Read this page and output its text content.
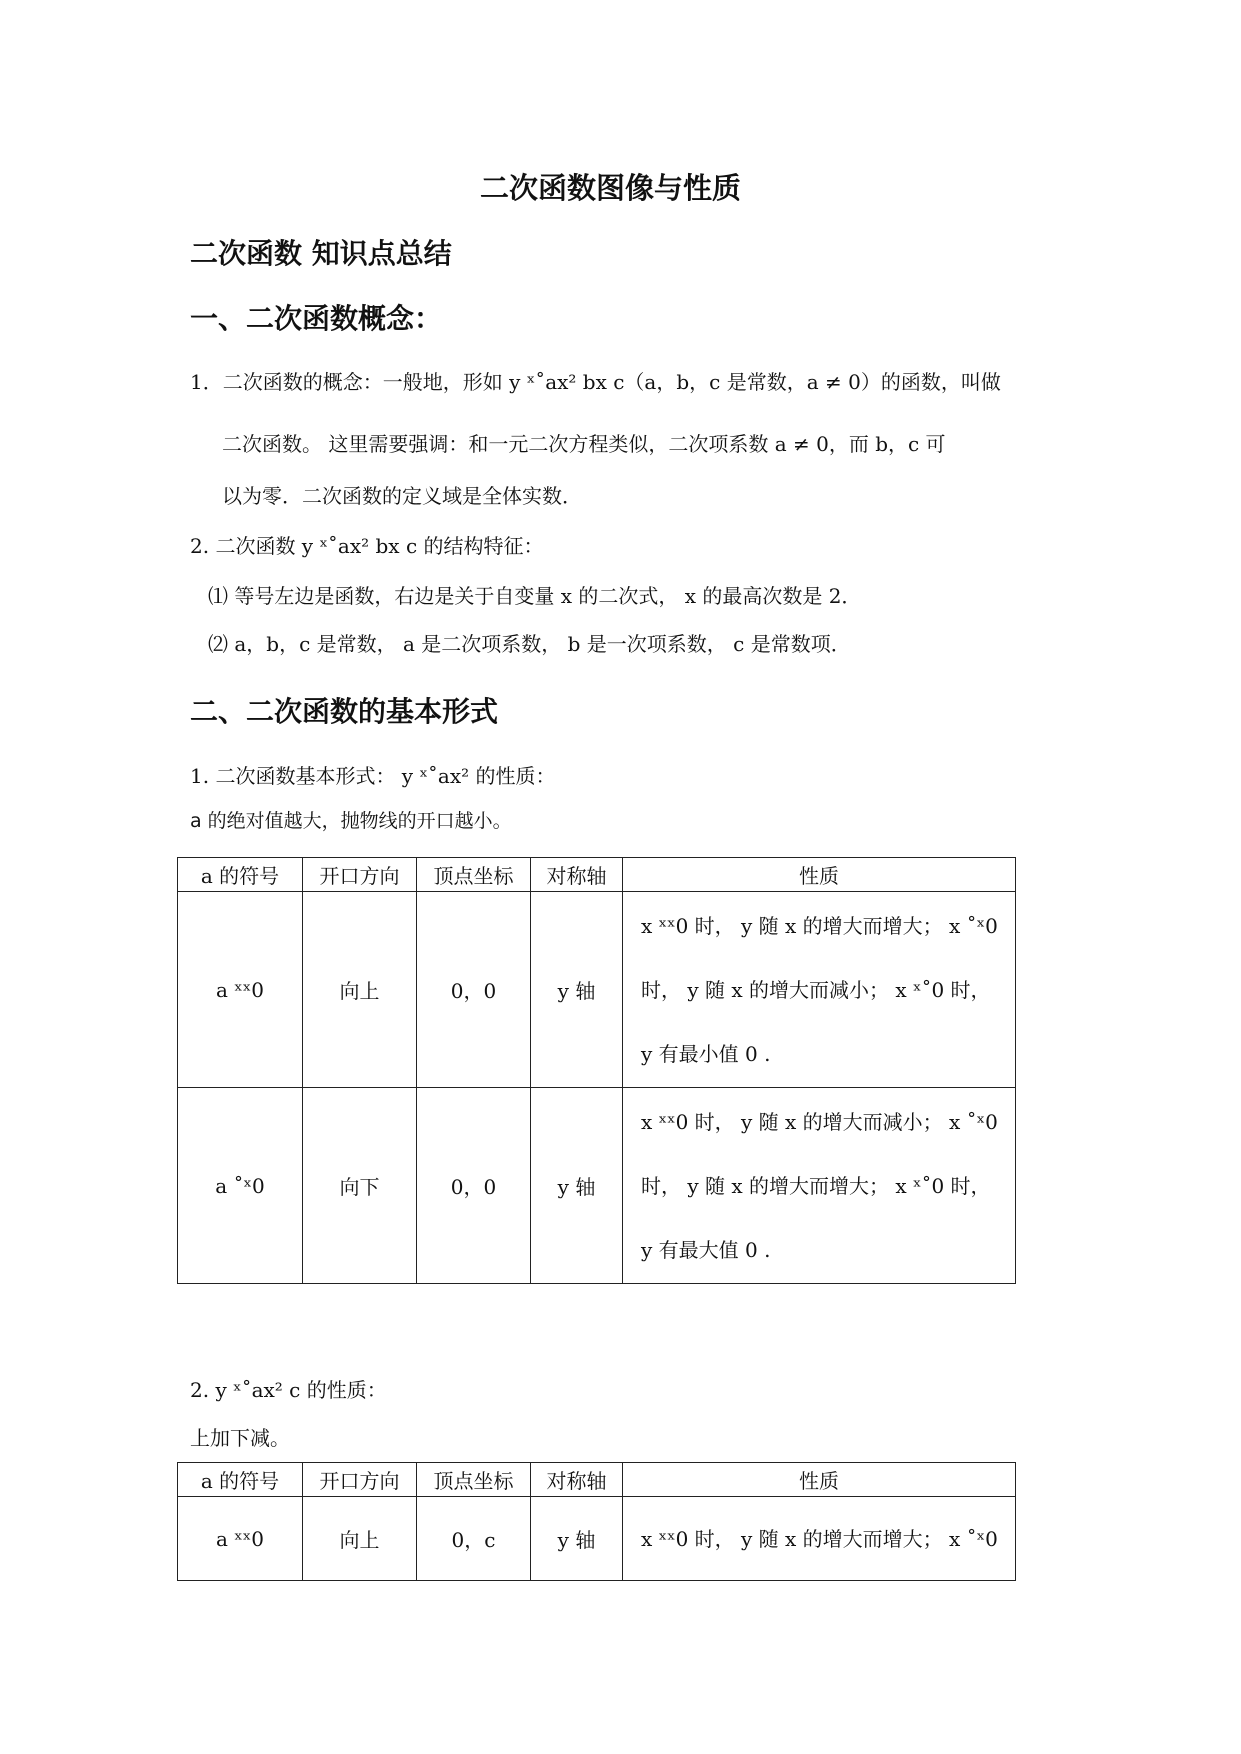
二次函数图像与性质
二次函数 知识点总结
一、二次函数概念：
1．二次函数的概念：一般地，形如 y ˣ˚ax² bx c（a，b，c 是常数，a ≠ 0）的函数，叫做
二次函数。 这里需要强调：和一元二次方程类似，二次项系数 a ≠ 0，而 b，c 可
以为零．二次函数的定义域是全体实数．
2. 二次函数 y ˣ˚ax² bx c 的结构特征：
⑴ 等号左边是函数，右边是关于自变量 x 的二次式， x 的最高次数是 2．
⑵ a，b，c 是常数， a 是二次项系数， b 是一次项系数， c 是常数项．
二、二次函数的基本形式
1. 二次函数基本形式： y ˣ˚ax² 的性质：
a 的绝对值越大，抛物线的开口越小。
a 的符号	开口方向	顶点坐标	对称轴	性质
a ˣˣ0	向上	0，0	y 轴	x ˣˣ0 时， y 随 x 的增大而增大； x ˚ˣ0
时， y 随 x 的增大而减小； x ˣ˚0 时，
y 有最小值 0 .

a ˚ˣ0	向下	0，0	y 轴	x ˣˣ0 时， y 随 x 的增大而减小； x ˚ˣ0
时， y 随 x 的增大而增大； x ˣ˚0 时，
y 有最大值 0 .
2. y ˣ˚ax² c 的性质：
上加下减。
a 的符号	开口方向	顶点坐标	对称轴	性质
a ˣˣ0	向上	0，c	y 轴	x ˣˣ0 时， y 随 x 的增大而增大； x ˚ˣ0
